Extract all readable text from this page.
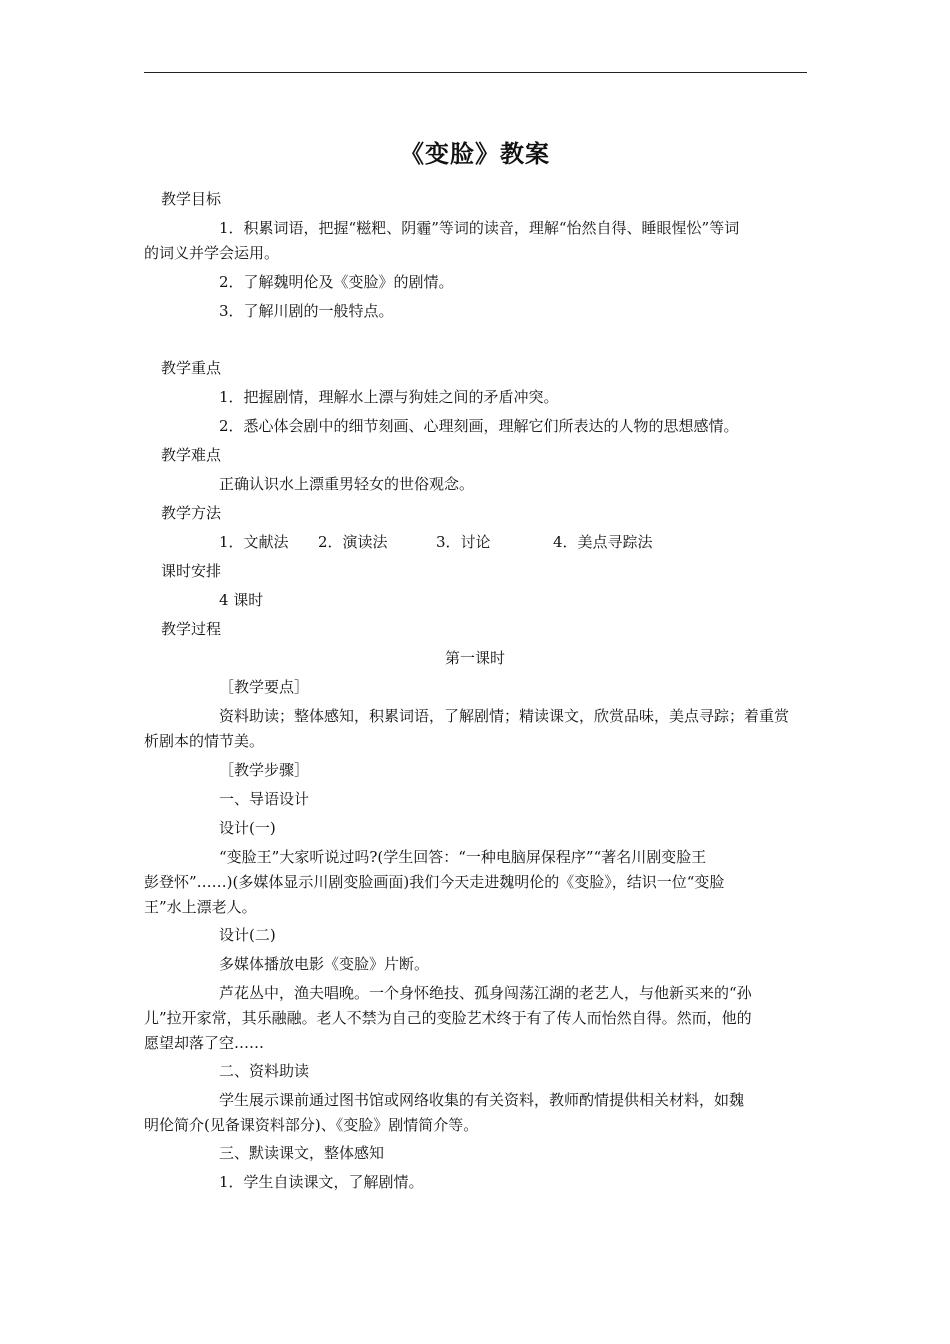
《变脸》教案
教学目标
1．积累词语，把握“糍粑、阴霾”等词的读音，理解“怡然自得、睡眼惺忪”等词
的词义并学会运用。
2．了解魏明伦及《变脸》的剧情。
3．了解川剧的一般特点。
教学重点
1．把握剧情，理解水上漂与狗娃之间的矛盾冲突。
2．悉心体会剧中的细节刻画、心理刻画，理解它们所表达的人物的思想感情。
教学难点
正确认识水上漂重男轻女的世俗观念。
教学方法
1．文献法 2．演读法	3．讨论	4．美点寻踪法
课时安排
4 课时
教学过程
第一课时
［教学要点］
资料助读；整体感知，积累词语，了解剧情；精读课文，欣赏品味，美点寻踪；着重赏
析剧本的情节美。
［教学步骤］
一、导语设计
设计(一)
“变脸王”大家听说过吗?(学生回答：“一种电脑屏保程序”“著名川剧变脸王
彭登怀”……)(多媒体显示川剧变脸画面)我们今天走进魏明伦的《变脸》，结识一位“变脸
王”水上漂老人。
设计(二)
多媒体播放电影《变脸》片断。
芦花丛中，渔夫唱晚。一个身怀绝技、孤身闯荡江湖的老艺人，与他新买来的“孙
儿”拉开家常，其乐融融。老人不禁为自己的变脸艺术终于有了传人而怡然自得。然而，他的
愿望却落了空……
二、资料助读
学生展示课前通过图书馆或网络收集的有关资料，教师酌情提供相关材料，如魏
明伦简介(见备课资料部分)、《变脸》剧情简介等。
三、默读课文，整体感知
1．学生自读课文，了解剧情。
